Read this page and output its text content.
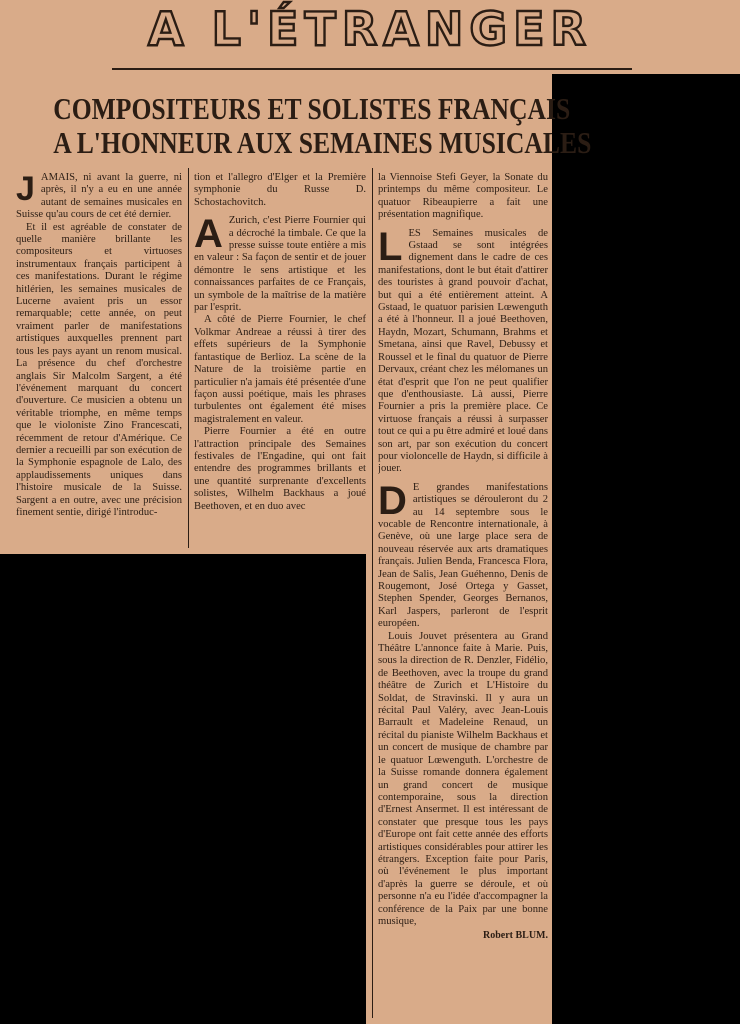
A L'ÉTRANGER
COMPOSITEURS ET SOLISTES FRANÇAIS
A L'HONNEUR AUX SEMAINES MUSICALES

JAMAIS, ni avant la guerre, ni après, il n'y a eu en une année autant de semaines musicales en Suisse qu'au cours de cet été dernier.

Et il est agréable de constater de quelle manière brillante les compositeurs et virtuoses instrumentaux français participent à ces manifestations. Durant le régime hitlérien, les semaines musicales de Lucerne avaient pris un essor remarquable; cette année, on peut vraiment parler de manifestations artistiques auxquelles prennent part tous les pays ayant un renom musical. La présence du chef d'orchestre anglais Sir Malcolm Sargent, a été l'événement marquant du concert d'ouverture. Ce musicien a obtenu un véritable triomphe, en même temps que le violoniste Zino Francescati, récemment de retour d'Amérique. Ce dernier a recueilli par son exécution de la Symphonie espagnole de Lalo, des applaudissements uniques dans l'histoire musicale de la Suisse. Sargent a en outre, avec une précision finement sentie, dirigé l'introduc-

tion et l'allegro d'Elger et la Première symphonie du Russe D. Schostachovitch.

A Zurich, c'est Pierre Fournier qui a décroché la timbale. Ce que la presse suisse toute entière a mis en valeur : Sa façon de sentir et de jouer démontre le sens artistique et les connaissances parfaites de ce Français, un symbole de la maîtrise de la matière par l'esprit.

A côté de Pierre Fournier, le chef Volkmar Andreae a réussi à tirer des effets supérieurs de la Symphonie fantastique de Berlioz. La scène de la Nature de la troisième partie en particulier n'a jamais été présentée d'une façon aussi poétique, mais les phrases turbulentes ont également été mises magistralement en valeur.

Pierre Fournier a été en outre l'attraction principale des Semaines festivales de l'Engadine, qui ont fait entendre des programmes brillants et une quantité surprenante d'excellents solistes, Wilhelm Backhaus a joué Beethoven, et en duo avec

la Viennoise Stefi Geyer, la Sonate du printemps du même compositeur. Le quatuor Ribeaupierre a fait une présentation magnifique.

LES Semaines musicales de Gstaad se sont intégrées dignement dans le cadre de ces manifestations, dont le but était d'attirer des touristes à grand pouvoir d'achat, but qui a été entièrement atteint. A Gstaad, le quatuor parisien Lœwenguth a été à l'honneur. Il a joué Beethoven, Haydn, Mozart, Schumann, Brahms et Smetana, ainsi que Ravel, Debussy et Roussel et le final du quatuor de Pierre Dervaux, créant chez les mélomanes un état d'esprit que l'on ne peut qualifier que d'enthousiaste. Là aussi, Pierre Fournier a pris la première place. Ce virtuose français a réussi à surpasser tout ce qui a pu être admiré et loué dans son art, par son exécution du concert pour violoncelle de Haydn, si difficile à jouer.

D E grandes manifestations artistiques se dérouleront du 2 au 14 septembre sous le vocable de Rencontre internationale, à Genève, où une large place sera de nouveau réservée aux arts dramatiques français. Julien Benda, Francesca Flora, Jean de Salis, Jean Guéhenno, Denis de Rougemont, José Ortega y Gasset, Stephen Spender, Georges Bernanos, Karl Jaspers, parleront de l'esprit européen.

Louis Jouvet présentera au Grand Théâtre L'annonce faite à Marie. Puis, sous la direction de R. Denzler, Fidélio, de Beethoven, avec la troupe du grand théâtre de Zurich et L'Histoire du Soldat, de Stravinski. Il y aura un récital Paul Valéry, avec Jean-Louis Barrault et Madeleine Renaud, un récital du pianiste Wilhelm Backhaus et un concert de musique de chambre par le quatuor Lœwenguth. L'orchestre de la Suisse romande donnera également un grand concert de musique contemporaine, sous la direction d'Ernest Ansermet. Il est intéressant de constater que presque tous les pays d'Europe ont fait cette année des efforts artistiques considérables pour attirer les étrangers. Exception faite pour Paris, où l'événement le plus important d'après la guerre se déroule, et où personne n'a eu l'idée d'accompagner la conférence de la Paix par une bonne musique,

Robert BLUM.
